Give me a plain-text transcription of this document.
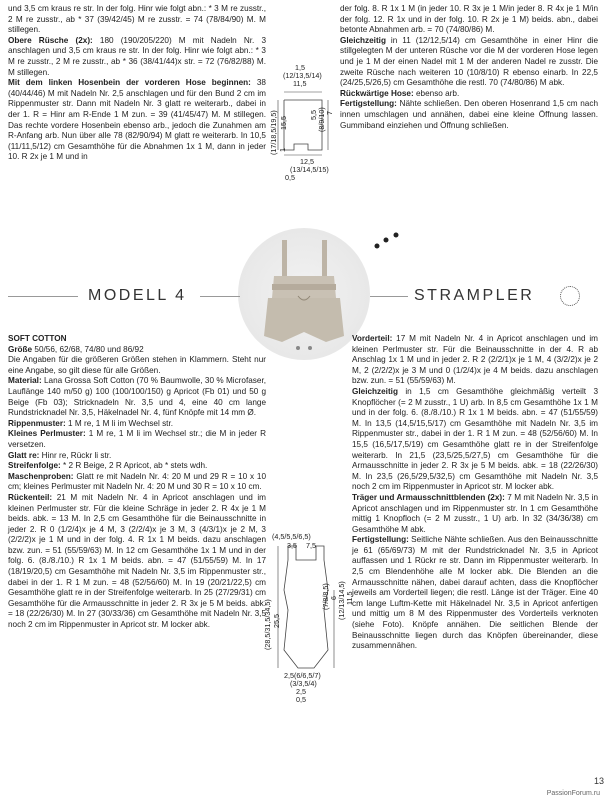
und 3,5 cm kraus re str. In der folg. Hinr wie folgt abn.: * 3 M re zusstr., 2 M re zusstr., ab * 37 (39/42/45) M re zusstr. = 74 (78/84/90) M. M stillegen.

Obere Rüsche (2x): 180 (190/205/220) M mit Nadeln Nr. 3 anschlagen und 3,5 cm kraus re str. In der folg. Hinr wie folgt abn.: * 3 M re zusstr., 2 M re zusstr., ab * 36 (38/41/44)x str. = 72 (76/82/88) M. M stillegen.

Mit dem linken Hosenbein der vorderen Hose beginnen: 38 (40/44/46) M mit Nadeln Nr. 2,5 anschlagen und für den Bund 2 cm im Rippenmuster str. Dann mit Nadeln Nr. 3 glatt re weiterarb., dabei in der 1. R = Hinr am R-Ende 1 M zun. = 39 (41/45/47) M. M stillegen. Das rechte vordere Hosenbein ebenso arb., jedoch die Zunahmen am R-Anfang arb. Nun über alle 78 (82/90/94) M glatt re weiterarb. In 10,5 (11/11,5/12) cm Gesamthöhe für die Abnahmen 1x 1 M, dann in jeder 10. R 2x je 1 M und in

1,5
(12/13,5/14)
11,5
(17/18,5/19,5) 15,5
1
5,5 (8/9/10) 7
12,5
(13/14,5/15)
0,5

der folg. 8. R 1x 1 M (in jeder 10. R 3x je 1 M/in jeder 8. R 4x je 1 M/in der folg. 12. R 1x und in der folg. 10. R 2x je 1 M) beids. abn., dabei betonte Abnahmen arb. = 70 (74/80/86) M.

Gleichzeitig in 11 (12/12,5/14) cm Gesamthöhe in einer Hinr die stillgelegten M der unteren Rüsche vor die M der vorderen Hose legen und je 1 M der einen Nadel mit 1 M der anderen Nadel re zusstr. Die zweite Rüsche nach weiteren 10 (10/8/10) R ebenso einarb. In 22,5 (24/25,5/26,5) cm Gesamthöhe die restl. 70 (74/80/86) M abk.

Rückwärtige Hose: ebenso arb.

Fertigstellung: Nähte schließen. Den oberen Hosenrand 1,5 cm nach innen umschlagen und annähen, dabei eine kleine Öffnung lassen. Gummiband einziehen und Öffnung schließen.

MODELL 4	STRAMPLER

SOFT COTTON

Größe 50/56, 62/68, 74/80 und 86/92

Die Angaben für die größeren Größen stehen in Klammern. Steht nur eine Angabe, so gilt diese für alle Größen.

Material: Lana Grossa Soft Cotton (70 % Baumwolle, 30 % Microfaser, Lauflänge 140 m/50 g) 100 (100/100/150) g Apricot (Fb 01) und 50 g Beige (Fb 03); Stricknadeln Nr. 3,5 und 4, eine 40 cm lange Rundstricknadel Nr. 3,5, Häkelnadel Nr. 4, fünf Knöpfe mit 14 mm Ø.

Rippenmuster: 1 M re, 1 M li im Wechsel str.

Kleines Perlmuster: 1 M re, 1 M li im Wechsel str.; die M in jeder R versetzen.

Glatt re: Hinr re, Rückr li str.

Streifenfolge: * 2 R Beige, 2 R Apricot, ab * stets wdh.

Maschenproben: Glatt re mit Nadeln Nr. 4: 20 M und 29 R = 10 x 10 cm; kleines Perlmuster mit Nadeln Nr. 4: 20 M und 30 R = 10 x 10 cm.

Rückenteil: 21 M mit Nadeln Nr. 4 in Apricot anschlagen und im kleinen Perlmuster str. Für die kleine Schräge in jeder 2. R 4x je 1 M beids. abk. = 13 M. In 2,5 cm Gesamthöhe für die Beinausschnitte in jeder 2. R 0 (1/2/4)x je 4 M, 3 (2/2/4)x je 3 M, 3 (4/3/1)x je 2 M, 3 (2/2/2)x je 1 M und in der folg. 4. R 1x 1 M beids. dazu anschlagen bzw. zun. = 51 (55/59/63) M. In 12 cm Gesamthöhe 1x 1 M und in der folg. 6. (8./8./10.) R 1x 1 M beids. abn. = 47 (51/55/59) M. In 17 (18/19/20,5) cm Gesamthöhe mit Nadeln Nr. 3,5 im Rippenmuster str., dabei in der 1. R 1 M zun. = 48 (52/56/60) M. In 19 (20/21/22,5) cm Gesamthöhe glatt re in der Streifenfolge weiterarb. In 25 (27/29/31) cm Gesamthöhe für die Armausschnitte in jeder 2. R 3x je 5 M beids. abk. = 18 (22/26/30) M. In 27 (30/33/36) cm Gesamthöhe mit Nadeln Nr. 3,5 noch 2 cm im Rippenmuster in Apricot str. M locker abk.

(4,5/5,5/6,5)
3,5 7,5
(28,5/31,5/34,5) 25,5
(7/8/8,5) 6 (12/13/14,5) 11,5
2,5(6/6,5/7)
(3/3,5/4)
2,5
0,5

Vorderteil: 17 M mit Nadeln Nr. 4 in Apricot anschlagen und im kleinen Perlmuster str. Für die Beinausschnitte in der 4. R ab Anschlag 1x 1 M und in jeder 2. R 2 (2/2/1)x je 1 M, 4 (3/2/2)x je 2 M, 2 (2/2/2)x je 3 M und 0 (1/2/4)x je 4 M beids. dazu anschlagen bzw. zun. = 51 (55/59/63) M.

Gleichzeitig in 1,5 cm Gesamthöhe gleichmäßig verteilt 3 Knopflöcher (= 2 M zusstr., 1 U) arb. In 8,5 cm Gesamthöhe 1x 1 M und in der folg. 6. (8./8./10.) R 1x 1 M beids. abn. = 47 (51/55/59) M. In 13,5 (14,5/15,5/17) cm Gesamthöhe mit Nadeln Nr. 3,5 im Rippenmuster str., dabei in der 1. R 1 M zun. = 48 (52/56/60) M. In 15,5 (16,5/17,5/19) cm Gesamthöhe glatt re in der Streifenfolge weiterarb. In 21,5 (23,5/25,5/27,5) cm Gesamthöhe für die Armausschnitte in jeder 2. R 3x je 5 M beids. abk. = 18 (22/26/30) M. In 23,5 (26,5/29,5/32,5) cm Gesamthöhe mit Nadeln Nr. 3,5 noch 2 cm im Rippenmuster in Apricot str. M locker abk.

Träger und Armausschnittblenden (2x): 7 M mit Nadeln Nr. 3,5 in Apricot anschlagen und im Rippenmuster str. In 1 cm Gesamthöhe mittig 1 Knopfloch (= 2 M zusstr., 1 U) arb. In 32 (34/36/38) cm Gesamthöhe M abk.

Fertigstellung: Seitliche Nähte schließen. Aus den Beinausschnitte je 61 (65/69/73) M mit der Rundstricknadel Nr. 3,5 in Apricot auffassen und 1 Rückr re str. Dann im Rippenmuster weiterarb. In 2,5 cm Blendenhöhe alle M locker abk. Die Blenden an die Armausschnitte nähen, dabei darauf achten, dass die Knopflöcher jeweils am Vorderteil liegen; die restl. Länge ist der Träger. Eine 40 cm lange Luftm-Kette mit Häkelnadel Nr. 3,5 in Apricot anfertigen und mittig um 8 M des Rippenmuster des Vorderteils verknoten (siehe Foto). Knöpfe annähen. Die seitlichen Blende der Beinausschnitte liegen durch das Knöpfen übereinander, diese zusammennähen.

13
PassionForum.ru
